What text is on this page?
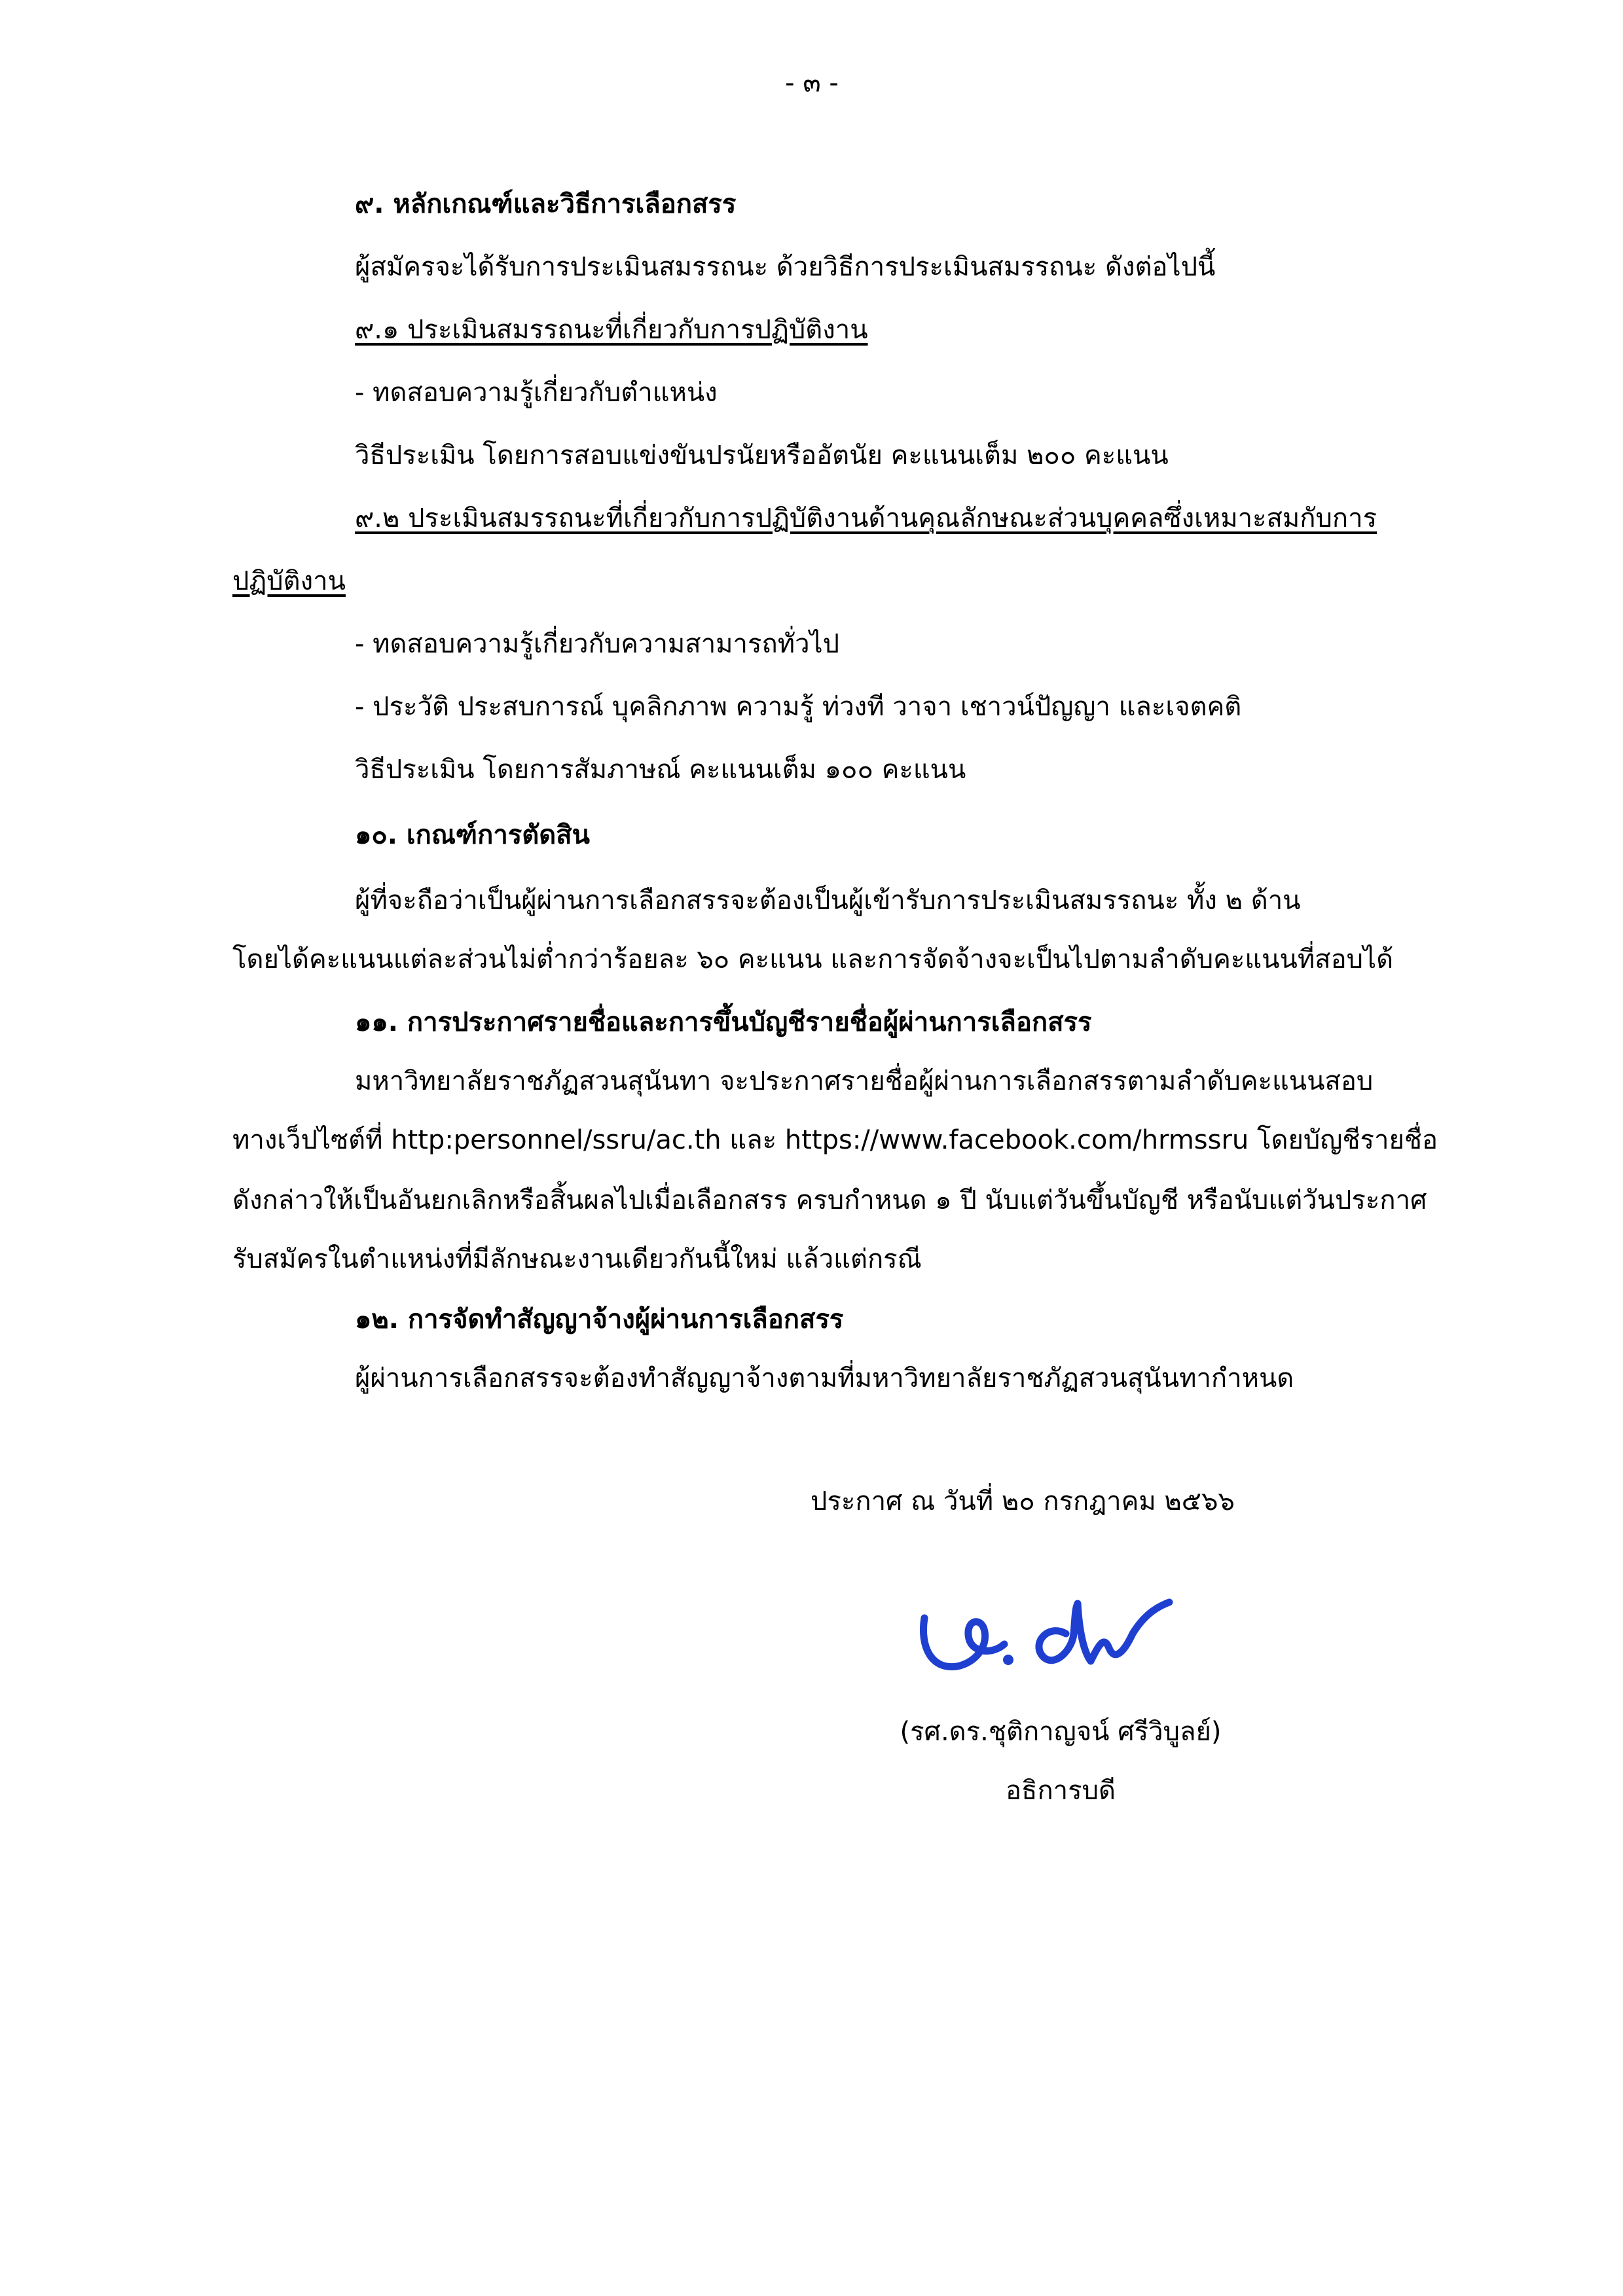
- ๓ -
๙. หลักเกณฑ์และวิธีการเลือกสรร
ผู้สมัครจะได้รับการประเมินสมรรถนะ ด้วยวิธีการประเมินสมรรถนะ ดังต่อไปนี้
๙.๑ ประเมินสมรรถนะที่เกี่ยวกับการปฏิบัติงาน
- ทดสอบความรู้เกี่ยวกับตำแหน่ง
วิธีประเมิน โดยการสอบแข่งขันปรนัยหรืออัตนัย คะแนนเต็ม ๒๐๐ คะแนน
๙.๒ ประเมินสมรรถนะที่เกี่ยวกับการปฏิบัติงานด้านคุณลักษณะส่วนบุคคลซึ่งเหมาะสมกับการ
ปฏิบัติงาน
- ทดสอบความรู้เกี่ยวกับความสามารถทั่วไป
- ประวัติ ประสบการณ์ บุคลิกภาพ ความรู้ ท่วงที วาจา เชาวน์ปัญญา และเจตคติ
วิธีประเมิน โดยการสัมภาษณ์ คะแนนเต็ม ๑๐๐ คะแนน
๑๐. เกณฑ์การตัดสิน
ผู้ที่จะถือว่าเป็นผู้ผ่านการเลือกสรรจะต้องเป็นผู้เข้ารับการประเมินสมรรถนะ ทั้ง ๒ ด้าน
โดยได้คะแนนแต่ละส่วนไม่ต่ำกว่าร้อยละ ๖๐ คะแนน และการจัดจ้างจะเป็นไปตามลำดับคะแนนที่สอบได้
๑๑. การประกาศรายชื่อและการขึ้นบัญชีรายชื่อผู้ผ่านการเลือกสรร
มหาวิทยาลัยราชภัฏสวนสุนันทา จะประกาศรายชื่อผู้ผ่านการเลือกสรรตามลำดับคะแนนสอบ
ทางเว็ปไซต์ที่ http:personnel/ssru/ac.th และ https://www.facebook.com/hrmssru โดยบัญชีรายชื่อ
ดังกล่าวให้เป็นอันยกเลิกหรือสิ้นผลไปเมื่อเลือกสรร ครบกำหนด ๑ ปี นับแต่วันขึ้นบัญชี หรือนับแต่วันประกาศ
รับสมัครในตำแหน่งที่มีลักษณะงานเดียวกันนี้ใหม่ แล้วแต่กรณี
๑๒. การจัดทำสัญญาจ้างผู้ผ่านการเลือกสรร
ผู้ผ่านการเลือกสรรจะต้องทำสัญญาจ้างตามที่มหาวิทยาลัยราชภัฏสวนสุนันทากำหนด
ประกาศ ณ วันที่ ๒๐ กรกฎาคม ๒๕๖๖
(รศ.ดร.ชุติกาญจน์ ศรีวิบูลย์)
อธิการบดี
